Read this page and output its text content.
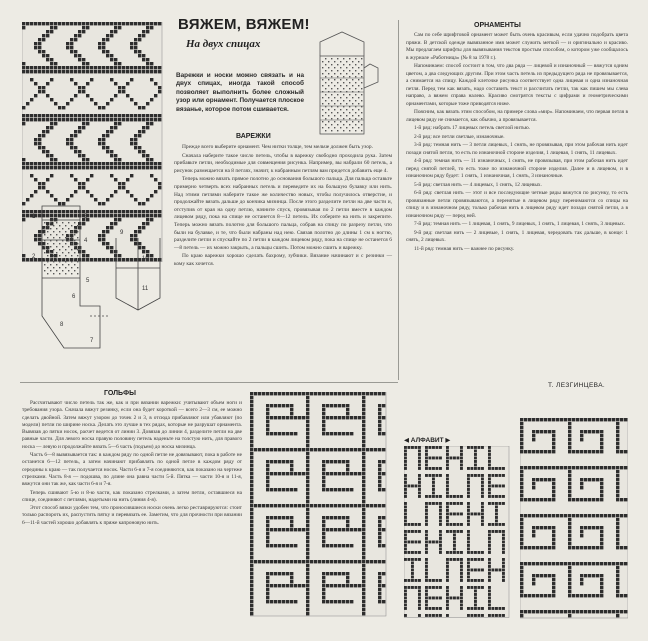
ВЯЖЕМ, ВЯЖЕМ!
На двух спицах
Варежки и носки можно связать и на двух спицах, иногда такой способ позволяет выполнить более сложный узор или орнамент. Получается плоское вязанье, которое потом сшивается.
ВАРЕЖКИ

Прежде всего выберите орнамент. Чем нитки толще, тем мельче должен быть узор.

Сначала наберите такое число петель, чтобы в варежку свободно проходила рука. Затем прибавьте петли, необходимые для совмещения рисунка. Например, вы набрали 60 петель, а рисунок размещается на 8 петлях, значит, к набранным петлям вам придется добавить еще 4.

Теперь можно вязать прямое полотно до основания большого пальца. Для пальца оставьте примерно четверть всех набранных петель и переведите их на большую булавку или нить. Над этими петлями наберите такое же количество новых, чтобы получилось отверстие, и продолжайте вязать дальше до кончика мизинца. После этого разделите петли на две части и, отступив от края на одну петлю, начните спуск, провязывая по 2 петли вместе в каждом лицевом ряду, пока на спице не останется 8—12 петель. Их соберите на нить и закрепите. Теперь можно вязать полотно для большого пальца, собрав на спицу по разрезу петли, что были на булавке, и те, что были набраны над нею. Связав полотно до длины 1 см к ногтю, разделите петли и спускайте по 2 петли в каждом лицевом ряду, пока на спице не останется 6—8 петель — их можно закрыть, а пальцы сшить. Потом можно сшить и варежку.

По краю варежки хорошо сделать бахрому, зубчики. Вязание начинают и с резинки — кому как хочется.

3
4
9
5
10
6
8
7
11
2
1
ОРНАМЕНТЫ

Сам по себе шрифтовой орнамент может быть очень красивым, если удачно подобрать цвета пряжи. В детской одежде вывязанное имя может служить меткой — и оригинально и красиво. Мы предлагаем шрифты для вывязывания текстов простым способом, о котором уже сообщалось в журнале «Работница» (№ 8 за 1978 г.).

Напоминаем: способ состоит в том, что два ряда — лицевой и изнаночный — вяжутся одним цветом, а два следующих другим. При этом часть петель из предыдущего ряда не провязывается, а снимается на спицу. Каждой клеточке рисунка соответствует одна лицевая и одна изнаночная петля. Перед тем как вязать, надо составить текст и рассчитать петли, так как пишем мы слева направо, а вяжем справа налево. Красиво смотрятся тексты с цифрами и геометрическими орнаментами, которые тоже приводятся ниже.

Поясним, как вязать этим способом, на примере слова «мир». Напоминаем, что первая петля в лицевом ряду не снимается, как обычно, а провязывается.

1-й ряд: набрать 17 лицевых петель светлой нитью.

2-й ряд: все петли светлые, изнаночные.

3-й ряд: темная нить — 3 петли лицевых, 1 снять, не провязывая, при этом рабочая нить идет позади снятой петли, то есть по изнаночной стороне изделия, 1 лицевая, 1 снять, 11 лицевых.

4-й ряд: темная нить — 11 изнаночных, 1 снять, не провязывая, при этом рабочая нить идет перед снятой петлей, то есть тоже по изнаночной стороне изделия. Далее и в лицевом, и в изнаночном ряду будет: 1 снять, 1 изнаночная, 1 снять, 3 изнаночные.

5-й ряд: светлая нить — 4 лицевых, 1 снять, 12 лицевых.

6-й ряд: светлая нить — этот и все последующие четные ряды вяжутся по рисунку, то есть провязанные петли провязываются, а перенятые в лицевом ряду перенимаются со спицы на спицу и в изнаночном ряду, только рабочая нить в лицевом ряду идет позади снятой петли, а в изнаночном ряду — перед ней.

7-й ряд: темная нить — 1 лицевая, 1 снять, 9 лицевых, 1 снять, 1 лицевая, 1 снять, 3 лицевых.

9-й ряд: светлая нить — 2 лицевые, 1 снять, 1 лицевая, чередовать так дальше, в конце: 1 снять, 2 лицевых.

11-й ряд: темная нить — важнее по рисунку.

Т. ЛЕЗГИНЦЕВА.
ГОЛЬФЫ

Рассчитывают число петель так же, как и при вязании варежки: учитывают объем ноги и требования узора. Сначала вяжут резинку, если она будет короткой — всего 2—3 см, ее можно сделать двойной. Затем вяжут узором до точек 2 и 3, в отсюда прибавляют или убавляют (по модели) петли по ширине носка. Делать это лучше в тех рядах, которые не разрушат орнамента. Вывязав до пятки носок, расчет ведется от линии 3. Довязав до линии 4, разделите петли на две равные части. Для левого носка правую половину петель наденьте на толстую нить, для правого носка — левую и продолжайте вязать 5—6 часть (подъем) до носка мизинца.

Часть 6—8 вывязывается так: в каждом ряду по одной петле не довязывают, пока в работе не останется 6—12 петель, а затем начинают прибавлять по одной петле в каждом ряду от середины к краю — так получается носок. Части 6-я и 7-я соединяются, как показано на чертеже стрелками. Часть 8-я — подошва, по длине она равна части 5-й. Пятка — части 10-я и 11-я, вяжутся они так же, как части 6-я и 7-я.

Теперь сшивают 5-ю и 8-ю части, как показано стрелками, а затем петли, оставшиеся на спице, соединяют с петлями, надетыми на нить (линия 4-я).

Этот способ вязки удобен тем, что проносившиеся носки очень легко реставрируются: стоит только распороть их, распустить пятку и перевязать ее. Заметим, что для прочности при вязании 6—11-й частей хорошо добавлять к пряже капроновую нить.

◀ АЛФАВИТ ▶
